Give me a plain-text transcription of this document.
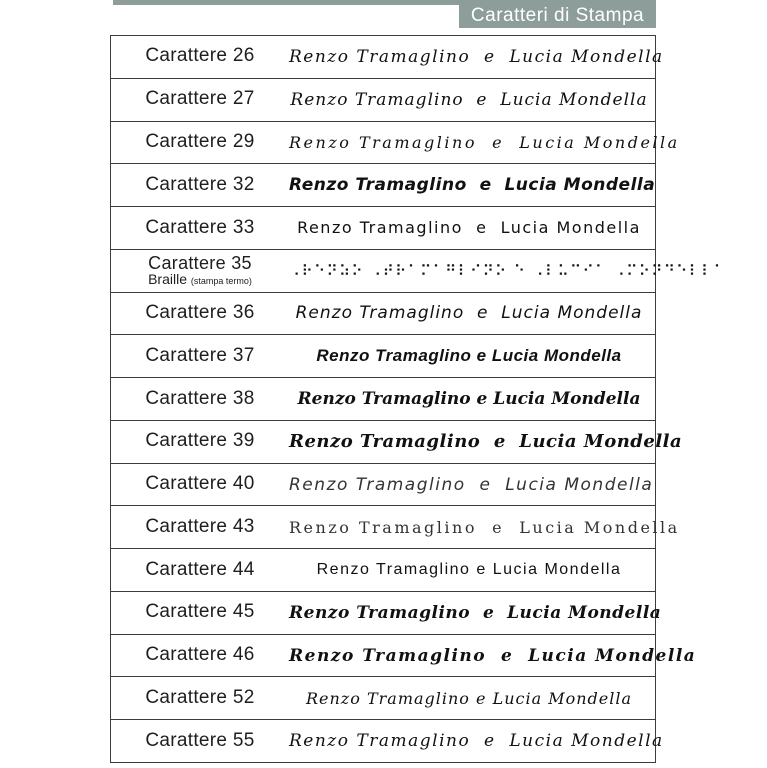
Caratteri di Stampa
Carattere 26 Renzo Tramaglino  e  Lucia Mondella
Carattere 27 Renzo Tramaglino  e  Lucia Mondella
Carattere 29 Renzo Tramaglino  e  Lucia Mondella
Carattere 32 Renzo Tramaglino  e  Lucia Mondella
Carattere 33	Renzo Tramaglino  e  Lucia Mondella
Carattere 35
Braille (stampa termo)
⠠⠗⠑⠝⠵⠕ ⠠⠞⠗⠁⠍⠁⠛⠇⠊⠝⠕ ⠑ ⠠⠇⠥⠉⠊⠁ ⠠⠍⠕⠝⠙⠑⠇⠇⠁
Carattere 36	Renzo Tramaglino  e  Lucia Mondella
Carattere 37	Renzo Tramaglino e Lucia Mondella
Carattere 38	Renzo Tramaglino e Lucia Mondella
Carattere 39 Renzo Tramaglino  e  Lucia Mondella
Carattere 40 Renzo Tramaglino  e  Lucia Mondella
Carattere 43 Renzo Tramaglino  e  Lucia Mondella
Carattere 44	Renzo Tramaglino e Lucia Mondella
Carattere 45 Renzo Tramaglino  e  Lucia Mondella
Carattere 46 Renzo Tramaglino  e  Lucia Mondella
Carattere 52	Renzo Tramaglino e Lucia Mondella
Carattere 55 Renzo Tramaglino  e  Lucia Mondella
